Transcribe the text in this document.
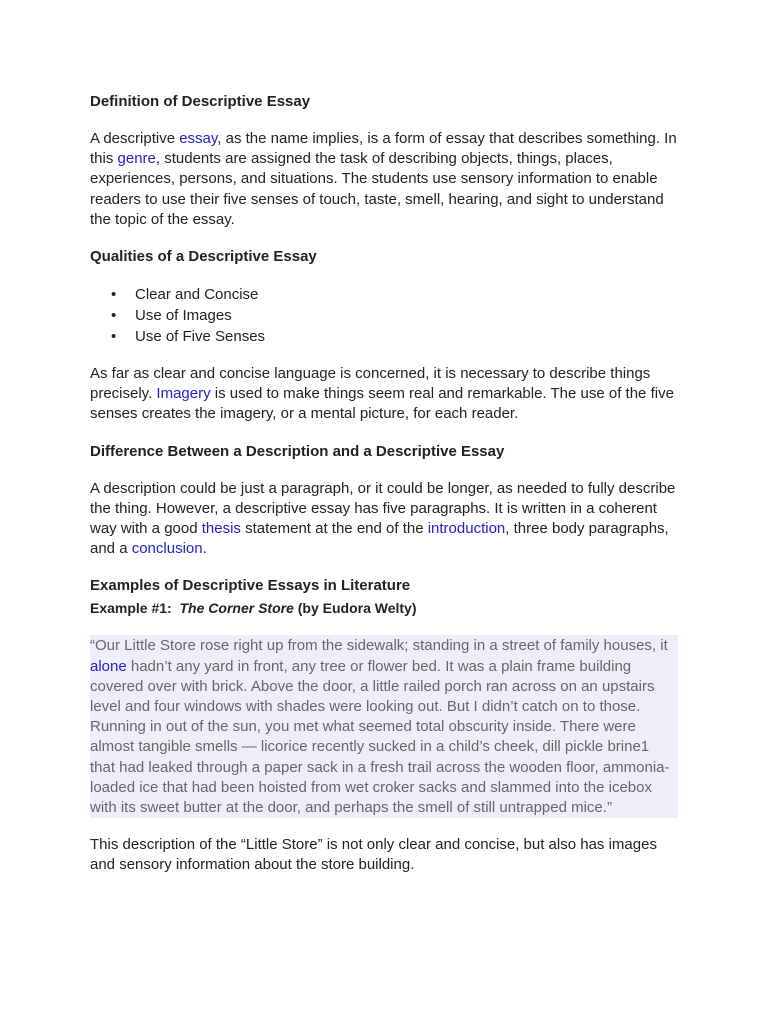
Definition of Descriptive Essay

A descriptive essay, as the name implies, is a form of essay that describes something. In this genre, students are assigned the task of describing objects, things, places, experiences, persons, and situations. The students use sensory information to enable readers to use their five senses of touch, taste, smell, hearing, and sight to understand the topic of the essay.

Qualities of a Descriptive Essay
• Clear and Concise
• Use of Images
• Use of Five Senses

As far as clear and concise language is concerned, it is necessary to describe things precisely. Imagery is used to make things seem real and remarkable. The use of the five senses creates the imagery, or a mental picture, for each reader.

Difference Between a Description and a Descriptive Essay

A description could be just a paragraph, or it could be longer, as needed to fully describe the thing. However, a descriptive essay has five paragraphs. It is written in a coherent way with a good thesis statement at the end of the introduction, three body paragraphs, and a conclusion.

Examples of Descriptive Essays in Literature
Example #1: The Corner Store (by Eudora Welty)

“Our Little Store rose right up from the sidewalk; standing in a street of family houses, it alone hadn’t any yard in front, any tree or flower bed. It was a plain frame building covered over with brick. Above the door, a little railed porch ran across on an upstairs level and four windows with shades were looking out. But I didn’t catch on to those. Running in out of the sun, you met what seemed total obscurity inside. There were almost tangible smells — licorice recently sucked in a child’s cheek, dill pickle brine1 that had leaked through a paper sack in a fresh trail across the wooden floor, ammonia-loaded ice that had been hoisted from wet croker sacks and slammed into the icebox with its sweet butter at the door, and perhaps the smell of still untrapped mice.”

This description of the “Little Store” is not only clear and concise, but also has images and sensory information about the store building.
